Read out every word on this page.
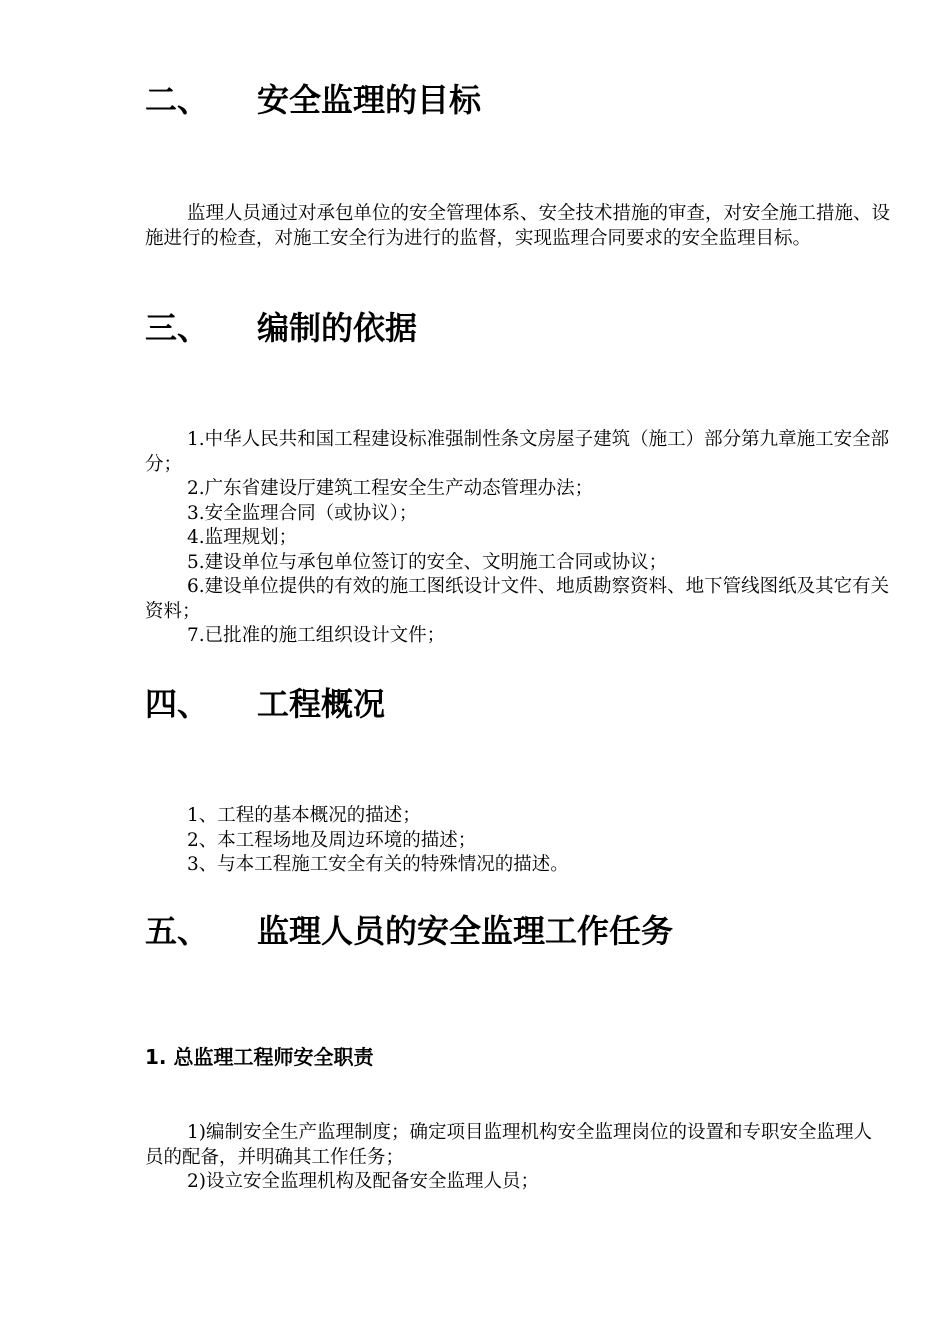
二、 安全监理的目标

监理人员通过对承包单位的安全管理体系、安全技术措施的审查，对安全施工措施、设施进行的检查，对施工安全行为进行的监督，实现监理合同要求的安全监理目标。

三、 编制的依据
1.中华人民共和国工程建设标准强制性条文房屋子建筑（施工）部分第九章施工安全部分；
2.广东省建设厅建筑工程安全生产动态管理办法；
3.安全监理合同（或协议）；
4.监理规划；
5.建设单位与承包单位签订的安全、文明施工合同或协议；
6.建设单位提供的有效的施工图纸设计文件、地质勘察资料、地下管线图纸及其它有关资料；
7.已批准的施工组织设计文件；
四、 工程概况
1、工程的基本概况的描述；
2、本工程场地及周边环境的描述；
3、与本工程施工安全有关的特殊情况的描述。
五、 监理人员的安全监理工作任务
1. 总监理工程师安全职责
1)编制安全生产监理制度；确定项目监理机构安全监理岗位的设置和专职安全监理人员的配备，并明确其工作任务；
2)设立安全监理机构及配备安全监理人员；
